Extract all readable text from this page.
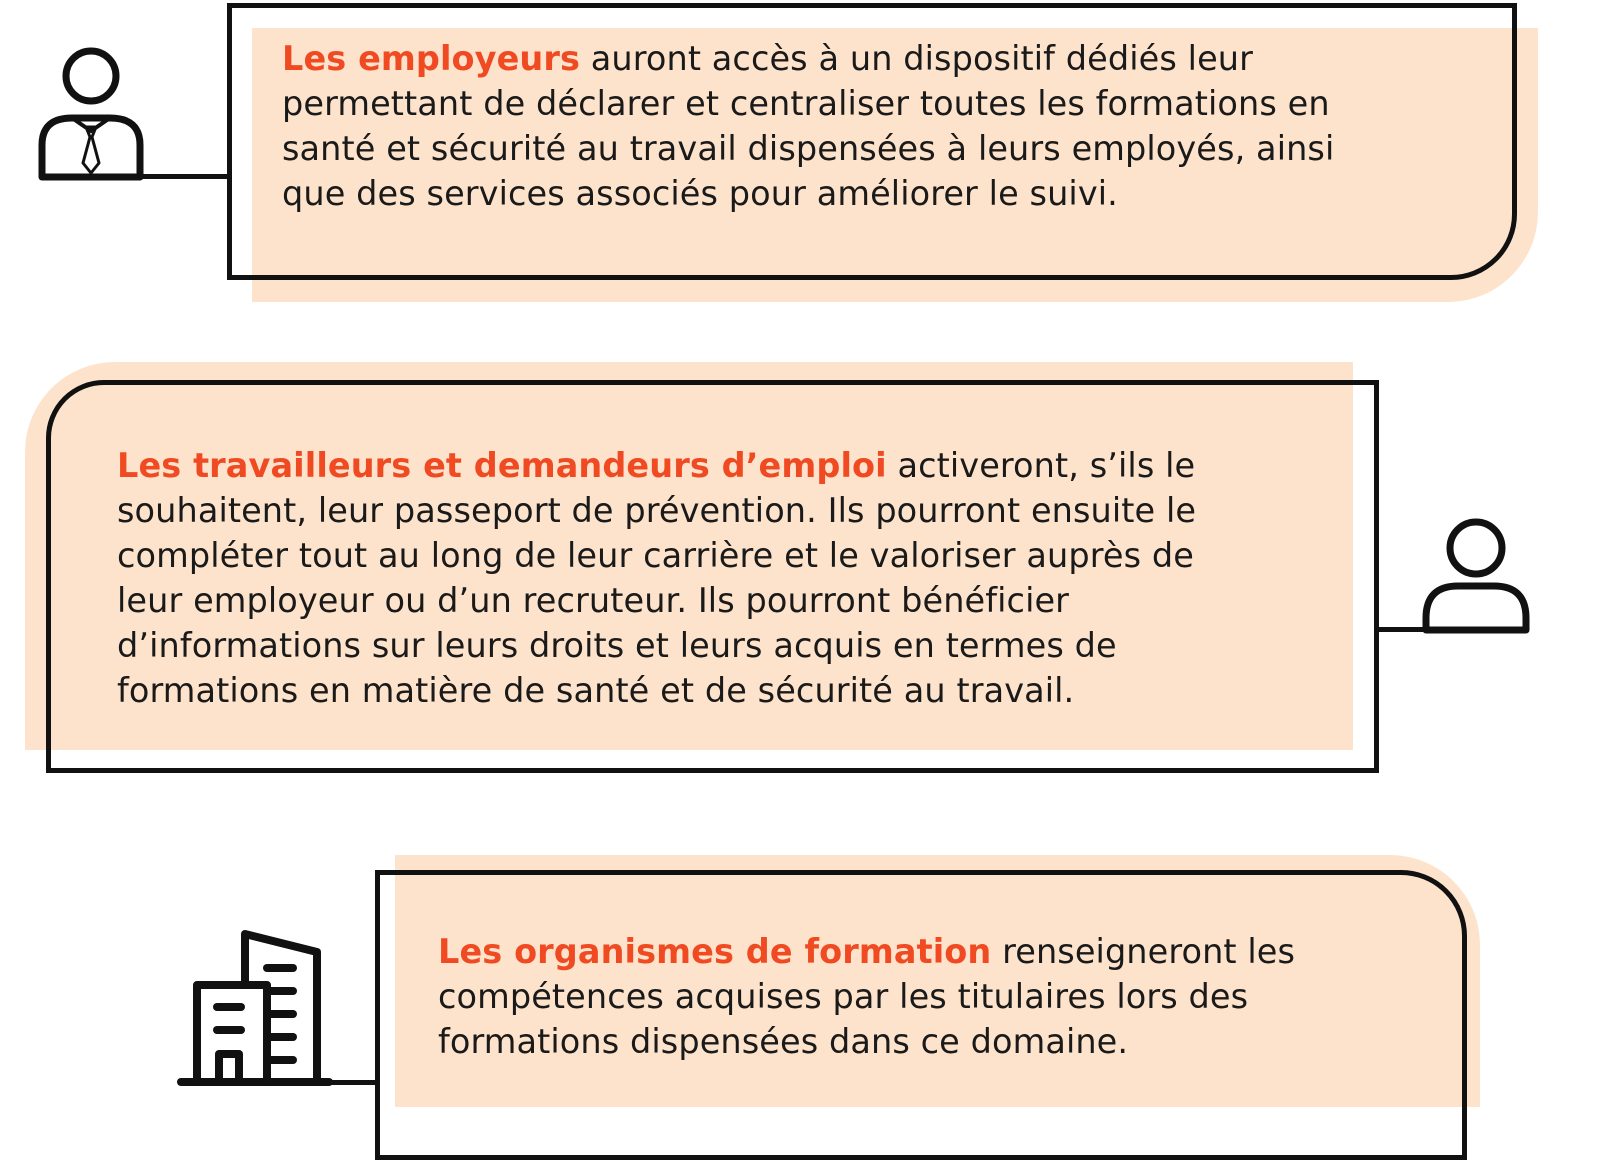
Les employeurs auront accès à un dispositif dédiés leur
permettant de déclarer et centraliser toutes les formations en
santé et sécurité au travail dispensées à leurs employés, ainsi
que des services associés pour améliorer le suivi.

Les travailleurs et demandeurs d’emploi activeront, s’ils le
souhaitent, leur passeport de prévention. Ils pourront ensuite le
compléter tout au long de leur carrière et le valoriser auprès de
leur employeur ou d’un recruteur. Ils pourront bénéficier
d’informations sur leurs droits et leurs acquis en termes de
formations en matière de santé et de sécurité au travail.

Les organismes de formation renseigneront les
compétences acquises par les titulaires lors des
formations dispensées dans ce domaine.
